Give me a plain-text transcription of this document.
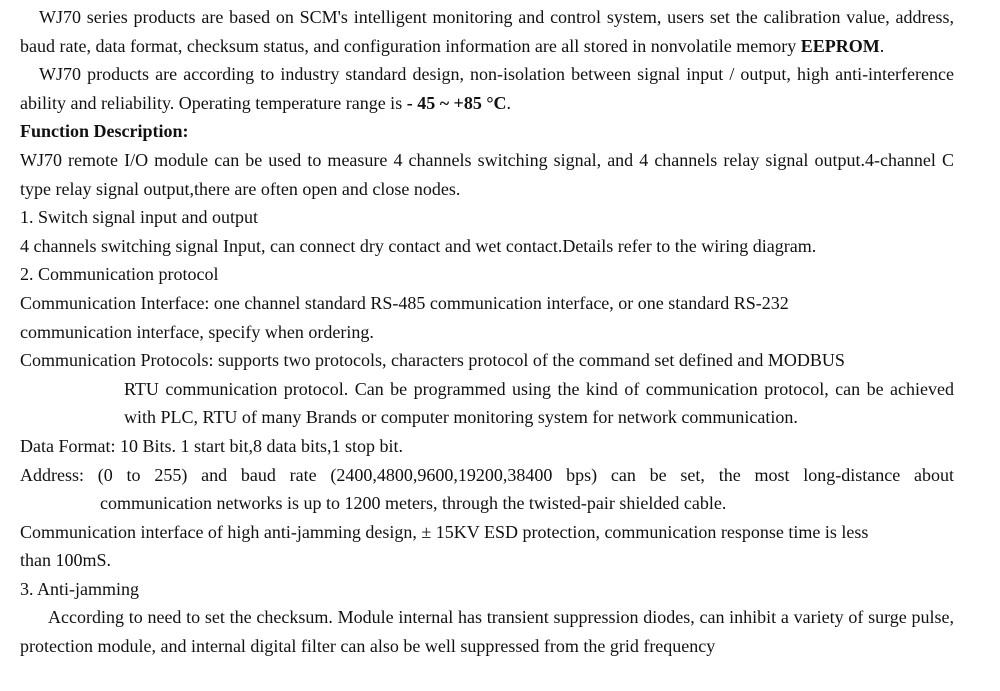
WJ70 series products are based on SCM's intelligent monitoring and control system, users set the calibration value, address, baud rate, data format, checksum status, and configuration information are all stored in nonvolatile memory EEPROM.

WJ70 products are according to industry standard design, non-isolation between signal input / output, high anti-interference ability and reliability. Operating temperature range is - 45 ~ +85 °C.

Function Description:

WJ70 remote I/O module can be used to measure 4 channels switching signal, and 4 channels relay signal output.4-channel C type relay signal output,there are often open and close nodes.

1. Switch signal input and output

4 channels switching signal Input, can connect dry contact and wet contact.Details refer to the wiring diagram.

2. Communication protocol

Communication Interface: one channel standard RS-485 communication interface, or one standard RS-232

communication interface, specify when ordering.

Communication Protocols: supports two protocols, characters protocol of the command set defined and MODBUS

RTU communication protocol. Can be programmed using the kind of communication protocol, can be achieved with PLC, RTU of many Brands or computer monitoring system for network communication.

Data Format: 10 Bits. 1 start bit,8 data bits,1 stop bit.

Address: (0 to 255) and baud rate (2400,4800,9600,19200,38400 bps) can be set, the most long-distance about

communication networks is up to 1200 meters, through the twisted-pair shielded cable.

Communication interface of high anti-jamming design, ± 15KV ESD protection, communication response time is less

than 100mS.

3. Anti-jamming

According to need to set the checksum. Module internal has transient suppression diodes, can inhibit a variety of surge pulse, protection module, and internal digital filter can also be well suppressed from the grid frequency
